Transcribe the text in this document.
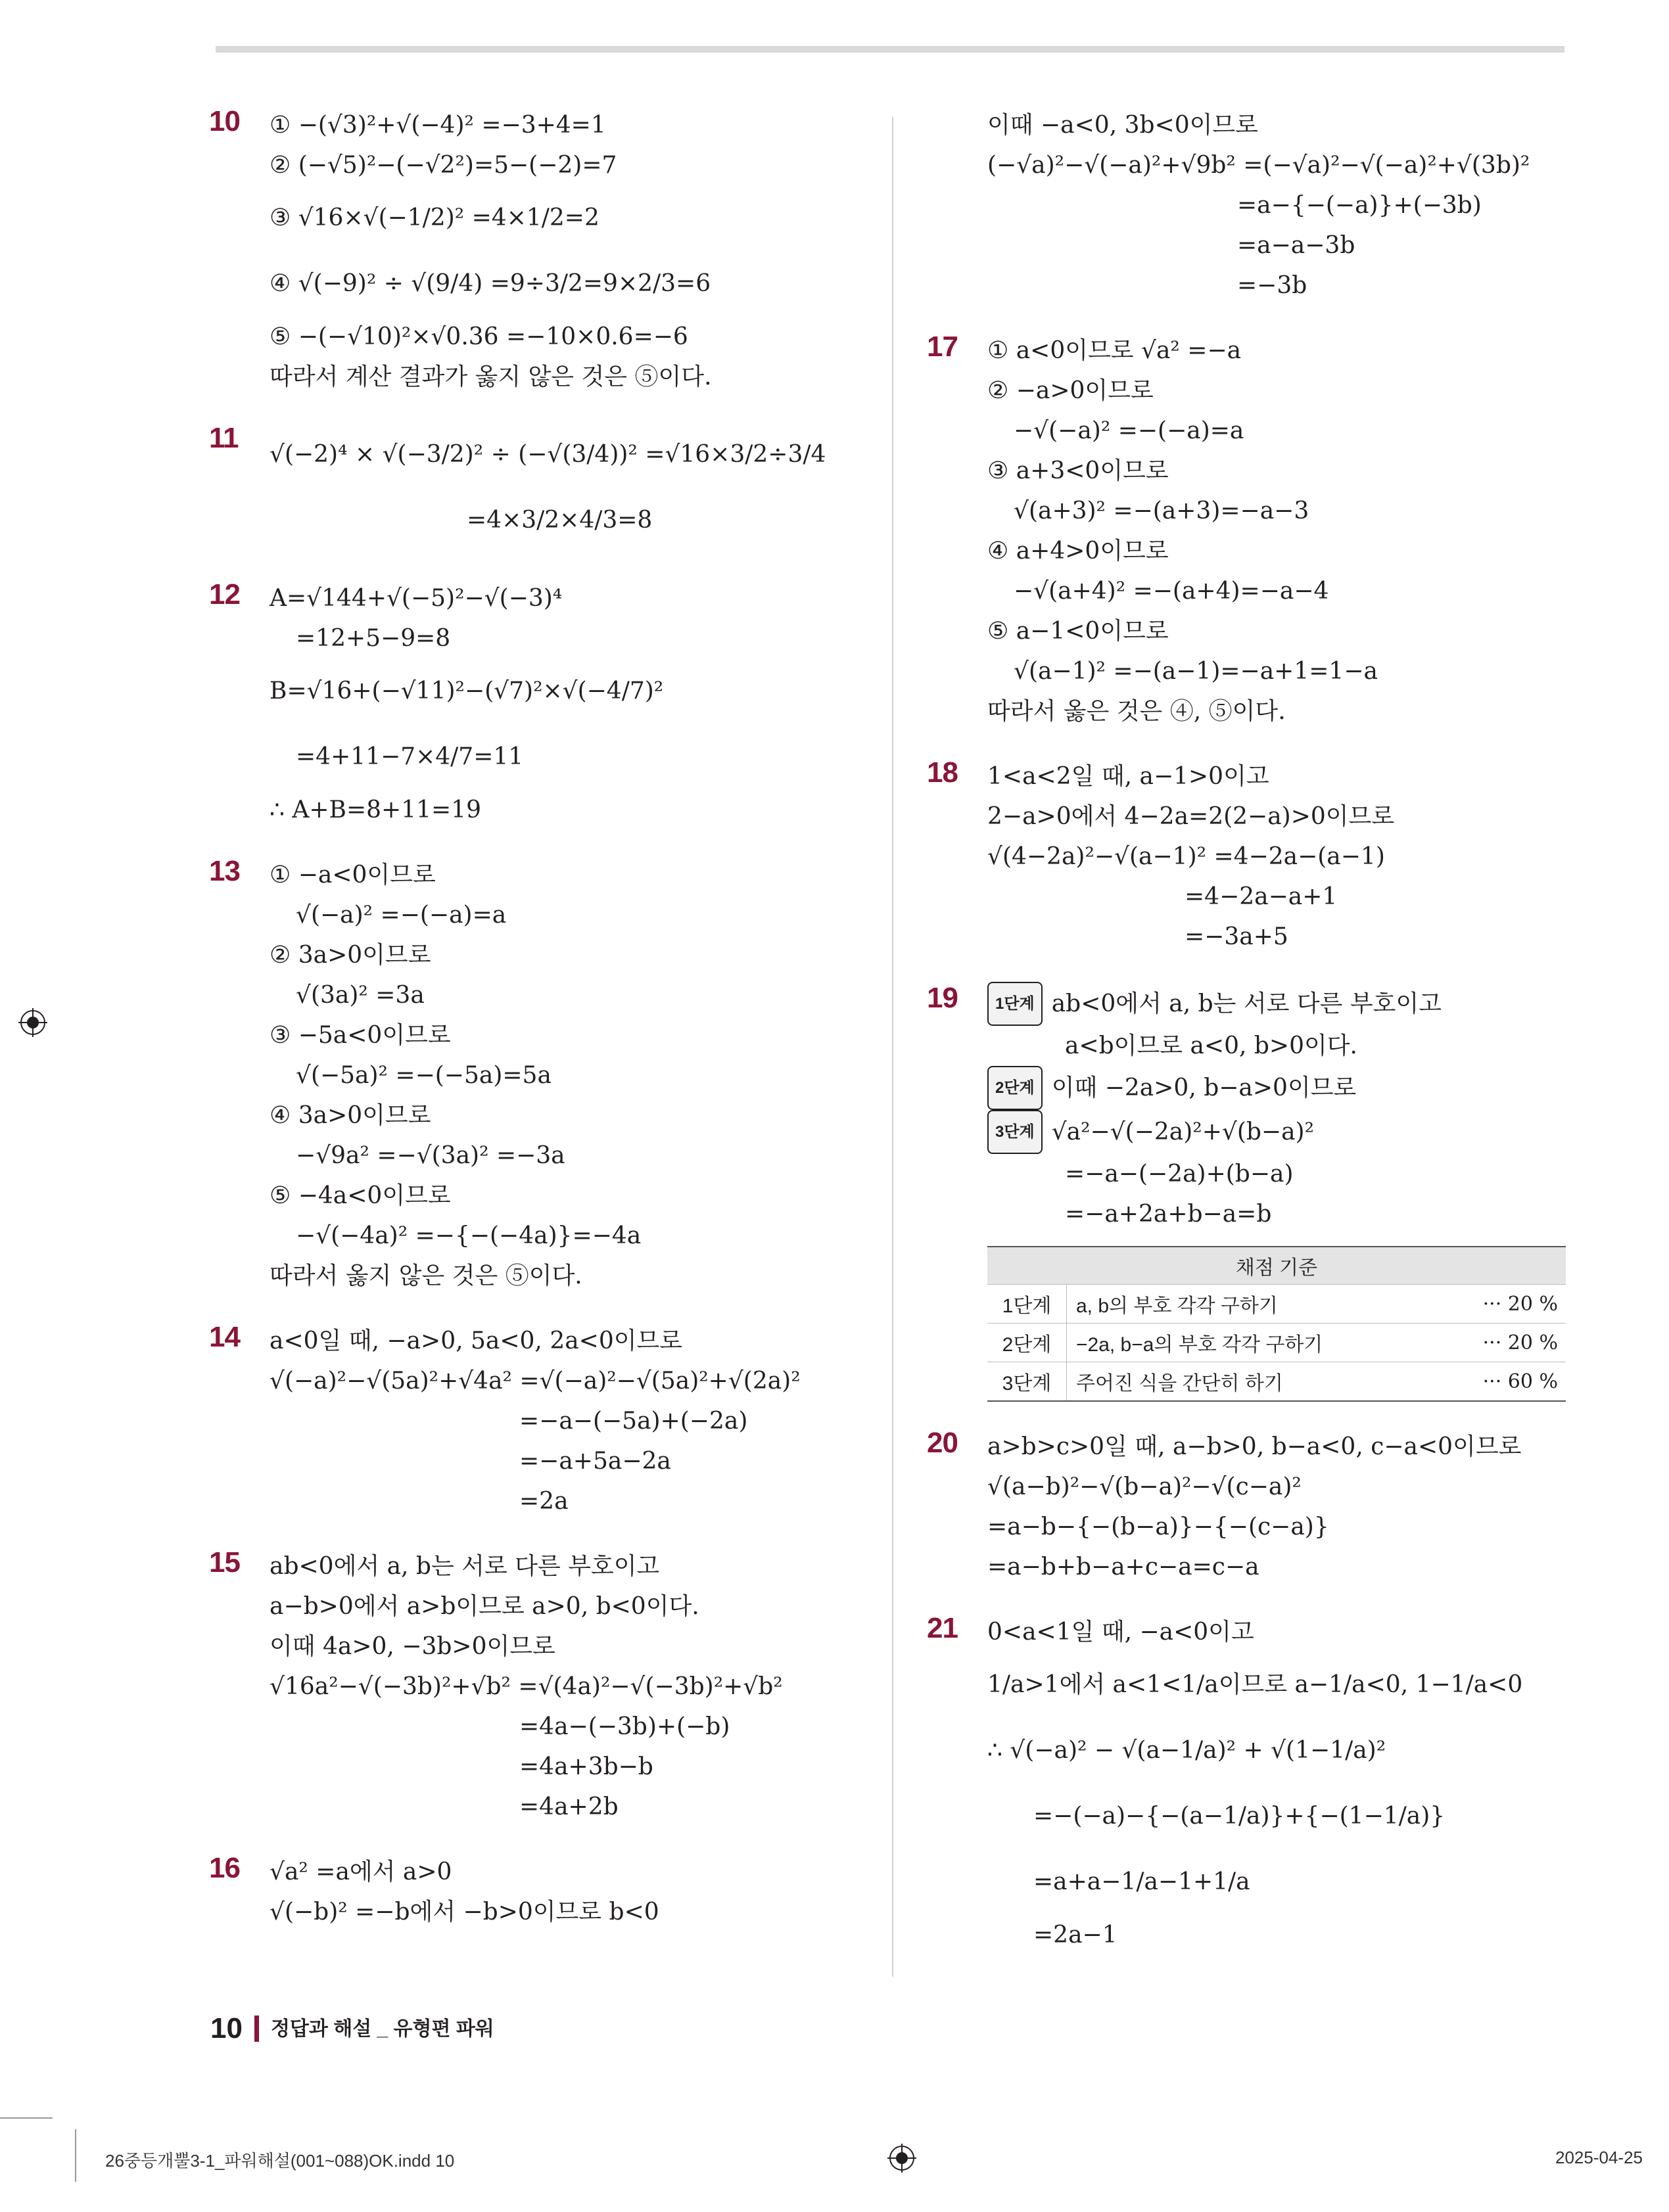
10 ① −(√3)²+√(−4)² =−3+4=1
② (−√5)²−(−√2²)=5−(−2)=7
③ √16×√(−1/2)² =4×1/2=2
④ √(−9)² ÷ √(9/4) =9÷3/2=9×2/3=6
⑤ −(−√10)²×√0.36 =−10×0.6=−6
따라서 계산 결과가 옳지 않은 것은 ⑤이다.
11
√(−2)⁴ × √(−3/2)² ÷ (−√(3/4))² =√16×3/2÷3/4
=4×3/2×4/3=8
12 A=√144+√(−5)²−√(−3)⁴
=12+5−9=8
B=√16+(−√11)²−(√7)²×√(−4/7)²
=4+11−7×4/7=11
∴ A+B=8+11=19
13 ① −a<0이므로
√(−a)² =−(−a)=a
② 3a>0이므로
√(3a)² =3a
③ −5a<0이므로
√(−5a)² =−(−5a)=5a
④ 3a>0이므로
−√9a² =−√(3a)² =−3a
⑤ −4a<0이므로
−√(−4a)² =−{−(−4a)}=−4a
따라서 옳지 않은 것은 ⑤이다.
14 a<0일 때, −a>0, 5a<0, 2a<0이므로
√(−a)²−√(5a)²+√4a² =√(−a)²−√(5a)²+√(2a)²
=−a−(−5a)+(−2a)
=−a+5a−2a
=2a
15 ab<0에서 a, b는 서로 다른 부호이고
a−b>0에서 a>b이므로 a>0, b<0이다.
이때 4a>0, −3b>0이므로
√16a²−√(−3b)²+√b² =√(4a)²−√(−3b)²+√b²
=4a−(−3b)+(−b)
=4a+3b−b
=4a+2b
16 √a² =a에서 a>0
√(−b)² =−b에서 −b>0이므로 b<0
이때 −a<0, 3b<0이므로
(−√a)²−√(−a)²+√9b² =(−√a)²−√(−a)²+√(3b)²
=a−{−(−a)}+(−3b)
=a−a−3b
=−3b
17 ① a<0이므로 √a² =−a
② −a>0이므로
−√(−a)² =−(−a)=a
③ a+3<0이므로
√(a+3)² =−(a+3)=−a−3
④ a+4>0이므로
−√(a+4)² =−(a+4)=−a−4
⑤ a−1<0이므로
√(a−1)² =−(a−1)=−a+1=1−a
따라서 옳은 것은 ④, ⑤이다.
18 1<a<2일 때, a−1>0이고
2−a>0에서 4−2a=2(2−a)>0이므로
√(4−2a)²−√(a−1)² =4−2a−(a−1)
=4−2a−a+1
=−3a+5
19	1단계 ab<0에서 a, b는 서로 다른 부호이고
a<b이므로 a<0, b>0이다.
2단계 이때 −2a>0, b−a>0이므로
3단계 √a²−√(−2a)²+√(b−a)²
=−a−(−2a)+(b−a)
=−a+2a+b−a=b
채점 기준		
1단계	a, b의 부호 각각 구하기	··· 20 %
2단계	−2a, b−a의 부호 각각 구하기	··· 20 %
3단계	주어진 식을 간단히 하기	··· 60 %
20 a>b>c>0일 때, a−b>0, b−a<0, c−a<0이므로
√(a−b)²−√(b−a)²−√(c−a)²
=a−b−{−(b−a)}−{−(c−a)}
=a−b+b−a+c−a=c−a
21 0<a<1일 때, −a<0이고
1/a>1에서 a<1<1/a이므로 a−1/a<0, 1−1/a<0
∴ √(−a)² − √(a−1/a)² + √(1−1/a)²
=−(−a)−{−(a−1/a)}+{−(1−1/a)}
=a+a−1/a−1+1/a
=2a−1
10 정답과 해설 _ 유형편 파워
26중등개뿔3-1_파워해설(001~088)OK.indd 10	2025-04-25
